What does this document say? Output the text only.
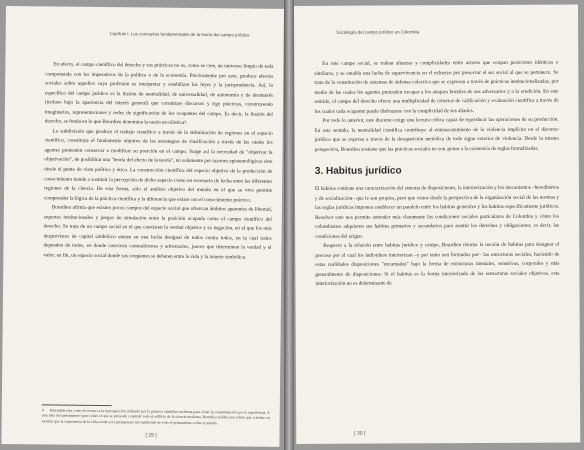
Capítulo I. Los conceptos fundamentales de la teoría del campo jurídico

En efecto, el campo científico del derecho y sus prácticas no es, como se cree, un universo limpio de toda componenda con los imperativos de la política o de la economía. Precisamente por esto, produce efectos sociales sobre aquellos cuya profesión es interpretar y estabilizar las leyes y la jurisprudencia. Así, lo específico del campo jurídico es la ilusión de neutralidad, de universalidad, de autonomía y de desinterés (incluso bajo la apariencia del interés general) que constituye discursos y rige prácticas, construyendo imaginarios, representaciones y redes de significación de los ocupantes del campo. Es decir, la ilusión del derecho, se funda en lo que Bourdieu denomina la razón escolástica⁴.

La subdivisión que produce el trabajo científico a través de la delimitación de regiones en el espacio científico, constituye el fundamento objetivo de las estrategias de clasificación a través de las cuales los agentes pretenden conservar o modificar su posición en el campo. Surge así la necesidad de "objetivar la objetivación", de posibilitar una "teoría del efecto de la teoría", no solamente por razones epistemológicas sino desde el punto de vista político y ético. La construcción científica del espacio objetivo de la producción de conocimiento tiende a sustituir la percepción de dicho espacio como un escenario de lucha entre las diferentes regiones de la ciencia. De esta forma, sólo el análisis objetivo del mundo en el que se vive permite comprender la lógica de la práctica científica y la diferencia que existe con el conocimiento práctico.

Bourdieu afirma que existen pocos campos del espacio social que ofrezcan ámbitos aparentes de libertad, soportes institucionales y juegos de simulación entre la posición ocupada como el campo científico del derecho. Se trata de un campo social en el que coexisten la verdad objetiva y su negación, en el que los más desprovistos de capital simbólico entran en una lucha desigual de todos contra todos, en la cual todos dependen de todos, en donde conviven contradictores y adversarios, jueces que determinan la verdad y el valor; en fin, un espacio social donde sus ocupantes se debaten entre la vida y la muerte simbólica.

4	Entendida esta como el recurso a la introspección utilizado por la práctica científica moderna para evitar la contaminación por la experiencia. A esta idea del pensamiento puro sobre el que se pretende construir todo el edificio de la ciencia moderna, Bourdieu realiza una crítica que consiste en mostrar que la experiencia de la vida social es el presupuesto inconsiderado de todo el pensamiento sobre el mundo.
[ 29 ]
Sociología del campo jurídico en Colombia

En este campo social, se traban alianzas y complicidades entre actores que ocupan posiciones idénticas o similares, y se entabla una lucha de supervivencia en el esfuerzo por preservar el ser social al que se pertenece. Se trata de la constitución de sistemas de defensa colectiva que se expresan a través de prácticas institucionalizadas, por medio de las cuales los agentes pretenden escapar a los ataques brutales de sus adversarios y a la erudición. En este sentido, el campo del derecho ofrece una multiplicidad de criterios de calificación y evaluación científica a través de los cuales cada ocupante puede disfrazarse con la complicidad de sus aliados.

Por todo lo anterior, este discurso exige una lectura crítica capaz de reproducir las operaciones de su producción. En este sentido, la neutralidad científica contribuye al enmascaramiento de la violencia implícita en el discurso jurídico que se expresa a través de la desaparición metódica de todo signo exterior de violencia. Desde la misma perspectiva, Bourdieu sostiene que las prácticas sociales no son ajenas a la existencia de reglas formalizadas.

3. Habitus jurídico

El habitus contiene una caracterización del sistema de disposiciones, la interiorización y los mecanismos –hereditarios y de socialización– que le son propios, pero que vistos desde la perspectiva de la organización social de las normas y las reglas jurídicas imponen establecer un paralelo entre los habitus generales y los habitus específicamente jurídicos. Resolver esto nos permite entender más claramente las condiciones sociales particulares de Colombia y cómo los colombianos adquieren sus habitus primarios y secundarios para asumir los derechos y obligaciones; es decir, las condiciones del origen.

Respecto a la relación entre habitus jurídico y campo, Bourdieu retoma la noción de habitus para designar el proceso por el cual los individuos interiorizan –y por tanto son formados por– las estructuras sociales, haciendo de estas realidades disposiciones "encarnadas" bajo la forma de estructuras mentales, sensitivas, corporales y más generalmente de disposiciones. Si el habitus es la forma interiorizada de las estructuras sociales objetivas, esta interiorización no es determinante de

[ 30 ]
